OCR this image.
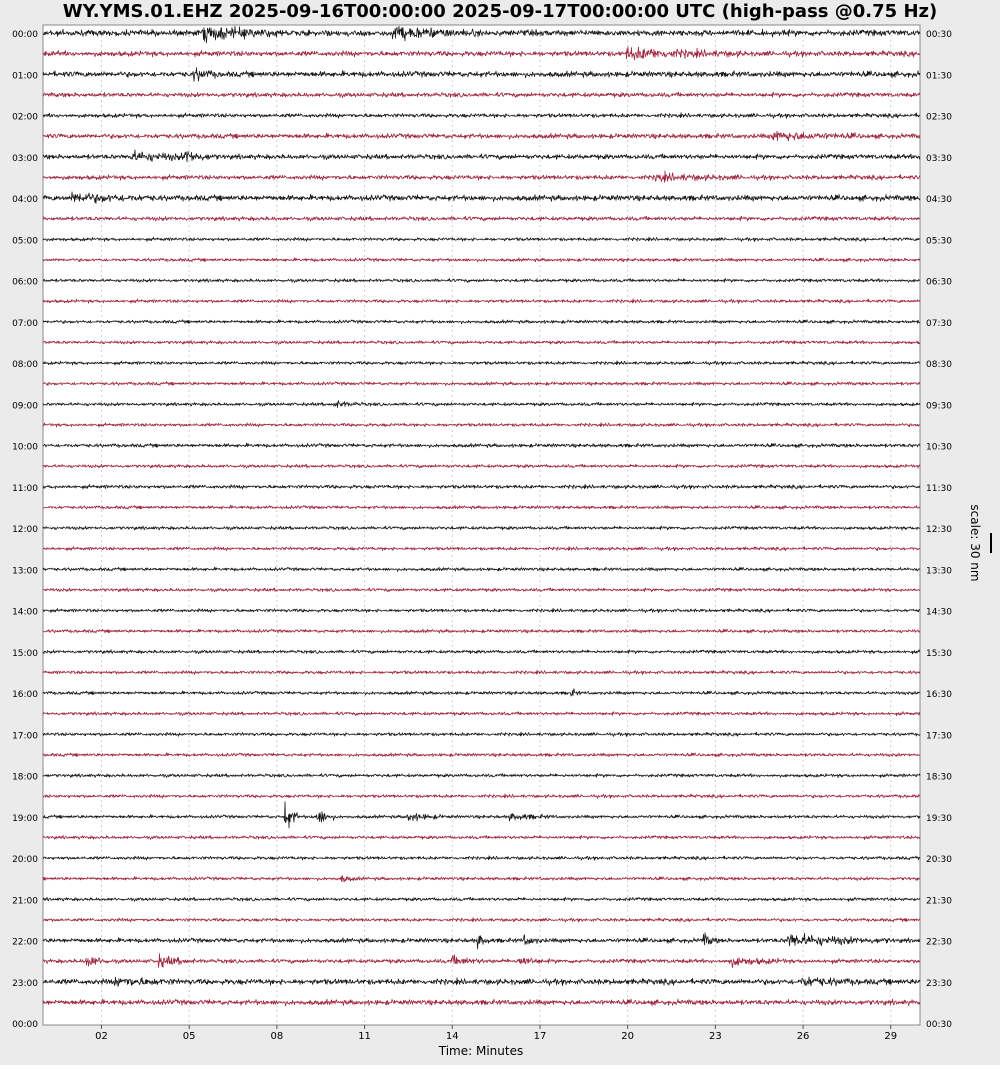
WY.YMS.01.EHZ 2025-09-16T00:00:00 2025-09-17T00:00:00 UTC (high-pass @0.75 Hz)
02	05	08	11	14	17	20	23	26	29
Time: Minutes
00:00
01:00
02:00
03:00
04:00
05:00
06:00
07:00
08:00
09:00
10:00
11:00
12:00
13:00
14:00
15:00
16:00
17:00
18:00
19:00
20:00
21:00
22:00
23:00
00:00
00:30
01:30
02:30
03:30
04:30
05:30
06:30
07:30
08:30
09:30
10:30
11:30
12:30
13:30
14:30
15:30
16:30
17:30
18:30
19:30
20:30
21:30
22:30
23:30
00:30
scale: 30 nm
